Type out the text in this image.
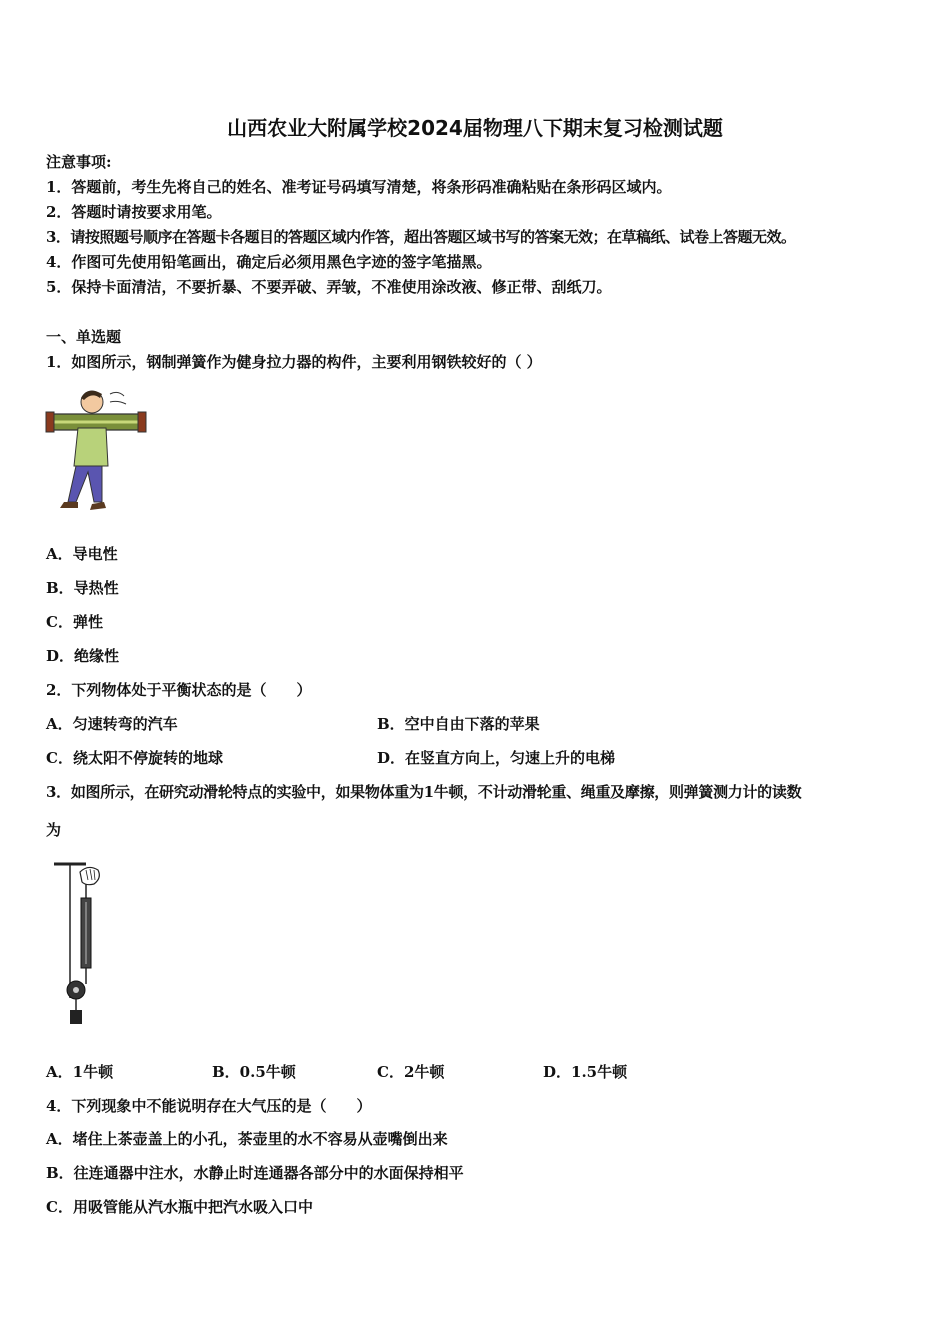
山西农业大附属学校2024届物理八下期末复习检测试题
注意事项:
1．答题前，考生先将自己的姓名、准考证号码填写清楚，将条形码准确粘贴在条形码区域内。
2．答题时请按要求用笔。
3．请按照题号顺序在答题卡各题目的答题区域内作答，超出答题区域书写的答案无效；在草稿纸、试卷上答题无效。
4．作图可先使用铅笔画出，确定后必须用黑色字迹的签字笔描黑。
5．保持卡面清洁，不要折暴、不要弄破、弄皱，不准使用涂改液、修正带、刮纸刀。
一、单选题
1．如图所示，钢制弹簧作为健身拉力器的构件，主要利用钢铁较好的（ ）
A．导电性
B．导热性
C．弹性
D．绝缘性
2．下列物体处于平衡状态的是（　　）
A．匀速转弯的汽车	B．空中自由下落的苹果
C．绕太阳不停旋转的地球	D．在竖直方向上，匀速上升的电梯
3．如图所示，在研究动滑轮特点的实验中，如果物体重为1牛顿，不计动滑轮重、绳重及摩擦，则弹簧测力计的读数
为
A．1牛顿	B．0.5牛顿	C．2牛顿	D．1.5牛顿
4．下列现象中不能说明存在大气压的是（　　）
A．堵住上茶壶盖上的小孔，茶壶里的水不容易从壶嘴倒出来
B．往连通器中注水，水静止时连通器各部分中的水面保持相平
C．用吸管能从汽水瓶中把汽水吸入口中
